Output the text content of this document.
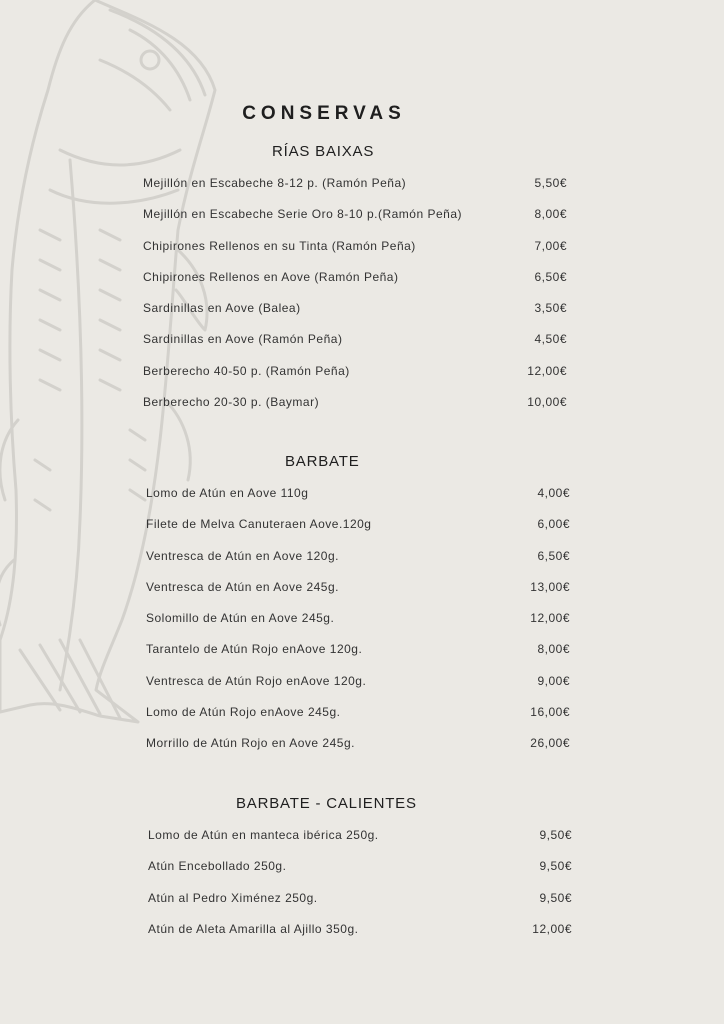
CONSERVAS
RÍAS BAIXAS
Mejillón en Escabeche 8-12 p. (Ramón Peña)	5,50€
Mejillón en Escabeche Serie Oro 8-10 p.(Ramón Peña)	8,00€
Chipirones Rellenos en su Tinta (Ramón Peña)	7,00€
Chipirones Rellenos en Aove (Ramón Peña)	6,50€
Sardinillas en Aove (Balea)	3,50€
Sardinillas en Aove (Ramón Peña)	4,50€
Berberecho 40-50 p. (Ramón Peña)	12,00€
Berberecho 20-30 p. (Baymar)	10,00€
BARBATE
Lomo de Atún en Aove 110g	4,00€
Filete de Melva Canuteraen Aove.120g	6,00€
Ventresca de Atún en Aove 120g.	6,50€
Ventresca de Atún en Aove 245g.	13,00€
Solomillo de Atún en Aove 245g.	12,00€
Tarantelo de Atún Rojo enAove 120g.	8,00€
Ventresca de Atún Rojo enAove 120g.	9,00€
Lomo de Atún Rojo enAove 245g.	16,00€
Morrillo de Atún Rojo en Aove 245g.	26,00€
BARBATE - CALIENTES
Lomo de Atún en manteca ibérica 250g.	9,50€
Atún Encebollado 250g.	9,50€
Atún al Pedro Ximénez 250g.	9,50€
Atún de Aleta Amarilla al Ajillo 350g.	12,00€
